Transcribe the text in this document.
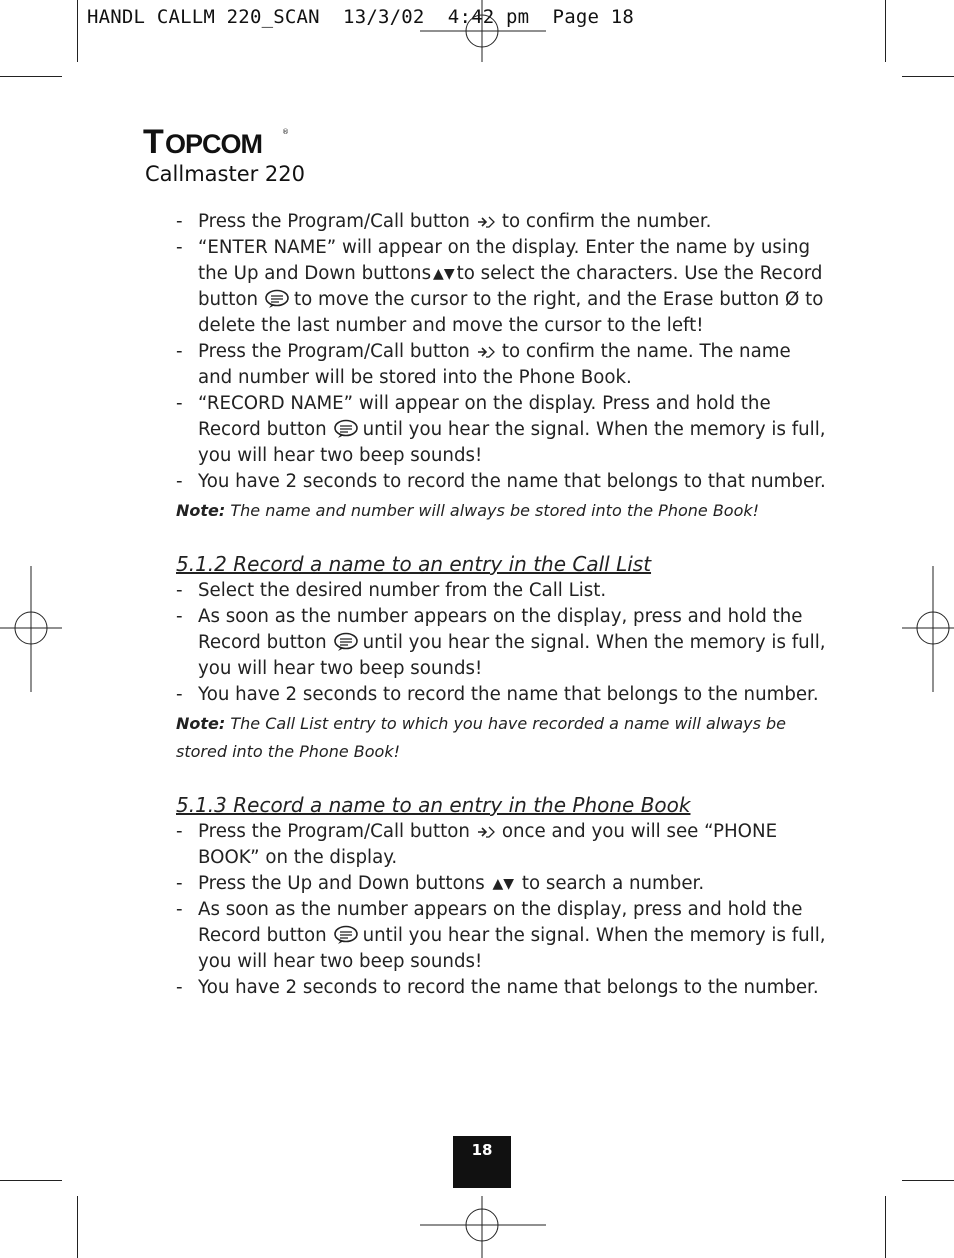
HANDL CALLM 220_SCAN  13/3/02  4:42 pm  Page 18
T OPCOM	®
Callmaster 220
- Press the Program/Call button to confirm the number.
- “ENTER NAME” will appear on the display. Enter the name by using the Up and Down buttons ▲▼ to select the characters. Use the Record button to move the cursor to the right, and the Erase button Ø to delete the last number and move the cursor to the left!
- Press the Program/Call button to confirm the name. The name and number will be stored into the Phone Book.
- “RECORD NAME” will appear on the display. Press and hold the Record button until you hear the signal. When the memory is full, you will hear two beep sounds!
- You have 2 seconds to record the name that belongs to that number.
Note: The name and number will always be stored into the Phone Book!
5.1.2 Record a name to an entry in the Call List
- Select the desired number from the Call List.
- As soon as the number appears on the display, press and hold the Record button until you hear the signal. When the memory is full, you will hear two beep sounds!
- You have 2 seconds to record the name that belongs to the number.
Note: The Call List entry to which you have recorded a name will always be stored into the Phone Book!
5.1.3 Record a name to an entry in the Phone Book
- Press the Program/Call button once and you will see “PHONE BOOK” on the display.
- Press the Up and Down buttons ▲▼ to search a number.
- As soon as the number appears on the display, press and hold the Record button until you hear the signal. When the memory is full, you will hear two beep sounds!
- You have 2 seconds to record the name that belongs to the number.
18
